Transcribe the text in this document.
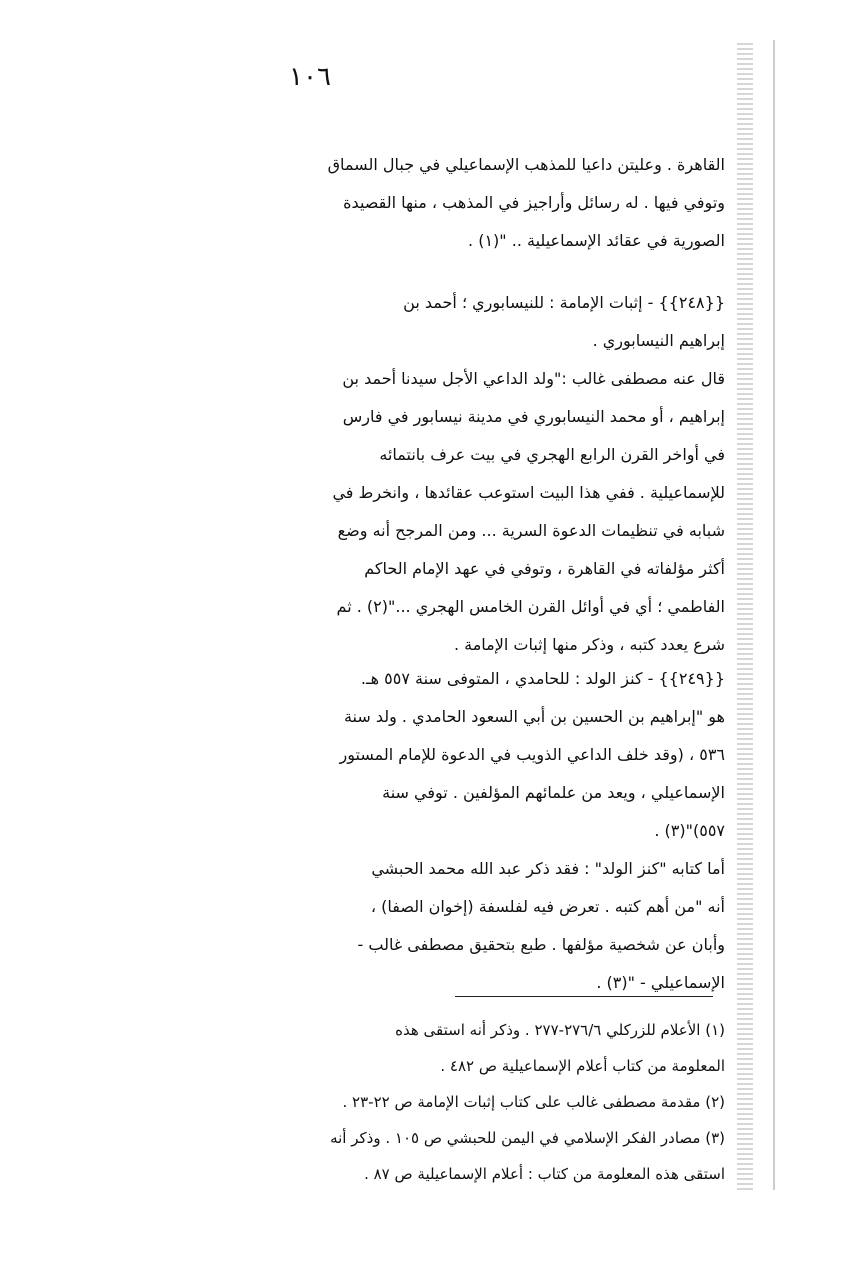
١٠٦
القاهرة . وعليتن داعيا للمذهب الإسماعيلي في جبال السماق
وتوفي فيها . له رسائل وأراجيز في المذهب ، منها القصيدة
الصورية في عقائد الإسماعيلية .. "(١) .
{{٢٤٨}} - إثبات الإمامة : للنيسابوري ؛ أحمد بن
إبراهيم النيسابوري .
قال عنه مصطفى غالب :"ولد الداعي الأجل سيدنا أحمد بن
إبراهيم ، أو محمد النيسابوري في مدينة نيسابور في فارس
في أواخر القرن الرابع الهجري في بيت عرف بانتمائه
للإسماعيلية . ففي هذا البيت استوعب عقائدها ، وانخرط في
شبابه في تنظيمات الدعوة السرية ... ومن المرجح أنه وضع
أكثر مؤلفاته في القاهرة ، وتوفي في عهد الإمام الحاكم
الفاطمي ؛ أي في أوائل القرن الخامس الهجري ..."(٢) . ثم
شرع يعدد كتبه ، وذكر منها إثبات الإمامة .
{{٢٤٩}} - كنز الولد : للحامدي ، المتوفى سنة ٥٥٧ هـ.
هو "إبراهيم بن الحسين بن أبي السعود الحامدي . ولد سنة
٥٣٦ ، (وقد خلف الداعي الذويب في الدعوة للإمام المستور
الإسماعيلي ، ويعد من علمائهم المؤلفين . توفي سنة
٥٥٧)"(٣) .
أما كتابه "كنز الولد" : فقد ذكر عبد الله محمد الحبشي
أنه "من أهم كتبه . تعرض فيه لفلسفة (إخوان الصفا) ،
وأبان عن شخصية مؤلفها . طبع بتحقيق مصطفى غالب -
الإسماعيلي - "(٣) .
(١) الأعلام للزركلي ٢٧٦/٦-٢٧٧ . وذكر أنه استقى هذه
المعلومة من كتاب أعلام الإسماعيلية ص ٤٨٢ .
(٢) مقدمة مصطفى غالب على كتاب إثبات الإمامة ص ٢٢-٢٣ .
(٣) مصادر الفكر الإسلامي في اليمن للحبشي ص ١٠٥ . وذكر أنه
استقى هذه المعلومة من كتاب : أعلام الإسماعيلية ص ٨٧ .
